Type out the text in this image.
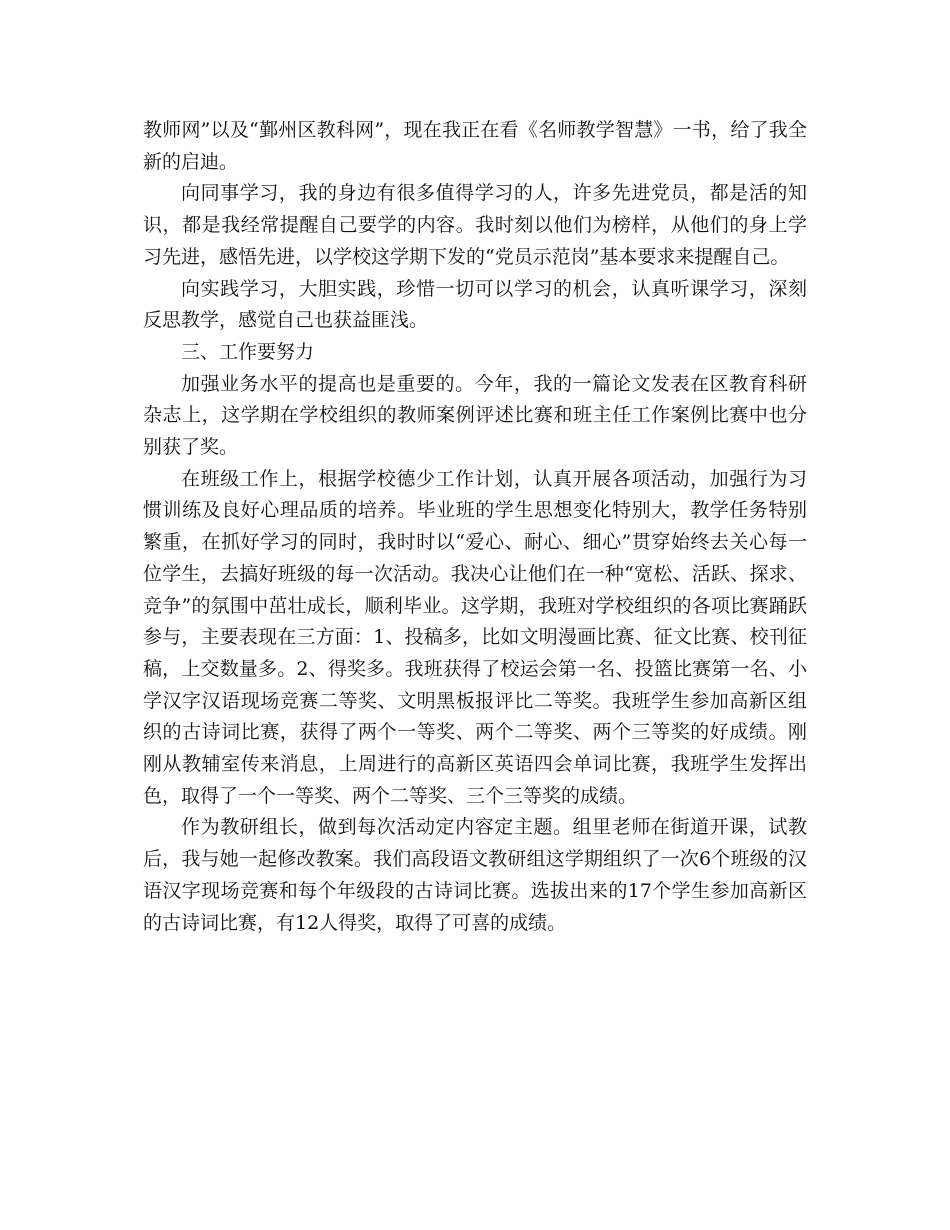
教师网”以及“鄞州区教科网”，现在我正在看《名师教学智慧》一书，给了我全新的启迪。

向同事学习，我的身边有很多值得学习的人，许多先进党员，都是活的知识，都是我经常提醒自己要学的内容。我时刻以他们为榜样，从他们的身上学习先进，感悟先进，以学校这学期下发的“党员示范岗”基本要求来提醒自己。

向实践学习，大胆实践，珍惜一切可以学习的机会，认真听课学习，深刻反思教学，感觉自己也获益匪浅。

三、工作要努力

加强业务水平的提高也是重要的。今年，我的一篇论文发表在区教育科研杂志上，这学期在学校组织的教师案例评述比赛和班主任工作案例比赛中也分别获了奖。

在班级工作上，根据学校德少工作计划，认真开展各项活动，加强行为习惯训练及良好心理品质的培养。毕业班的学生思想变化特别大，教学任务特别繁重，在抓好学习的同时，我时时以“爱心、耐心、细心”贯穿始终去关心每一位学生，去搞好班级的每一次活动。我决心让他们在一种“宽松、活跃、探求、竞争”的氛围中茁壮成长，顺利毕业。这学期，我班对学校组织的各项比赛踊跃参与，主要表现在三方面：1、投稿多，比如文明漫画比赛、征文比赛、校刊征稿，上交数量多。2、得奖多。我班获得了校运会第一名、投篮比赛第一名、小学汉字汉语现场竞赛二等奖、文明黑板报评比二等奖。我班学生参加高新区组织的古诗词比赛，获得了两个一等奖、两个二等奖、两个三等奖的好成绩。刚刚从教辅室传来消息，上周进行的高新区英语四会单词比赛，我班学生发挥出色，取得了一个一等奖、两个二等奖、三个三等奖的成绩。

作为教研组长，做到每次活动定内容定主题。组里老师在街道开课，试教后，我与她一起修改教案。我们高段语文教研组这学期组织了一次6个班级的汉语汉字现场竞赛和每个年级段的古诗词比赛。选拔出来的17个学生参加高新区的古诗词比赛，有12人得奖，取得了可喜的成绩。
